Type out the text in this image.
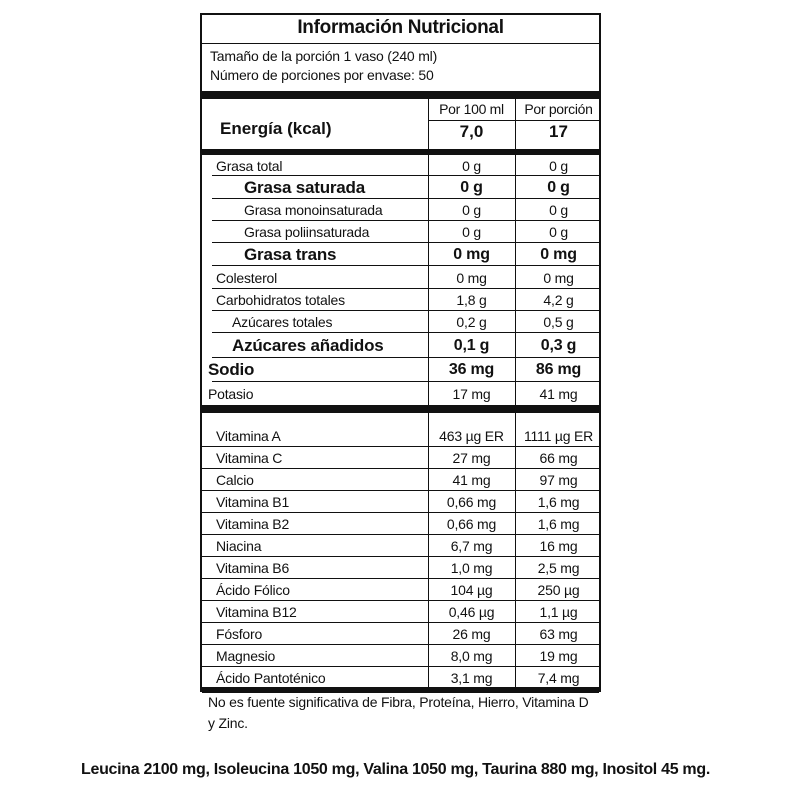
Información Nutricional
Tamaño de la porción 1 vaso (240 ml)
Número de porciones por envase: 50
Por 100 ml	Por porción
Energía (kcal)	7,0	17
Grasa total	0 g	0 g
Grasa saturada	0 g	0 g
Grasa monoinsaturada	0 g	0 g
Grasa poliinsaturada	0 g	0 g
Grasa trans	0 mg	0 mg
Colesterol	0 mg	0 mg
Carbohidratos totales	1,8 g	4,2 g
Azúcares totales	0,2 g	0,5 g
Azúcares añadidos	0,1 g	0,3 g
Sodio	36 mg	86 mg
Potasio	17 mg	41 mg
Vitamina A	463 µg ER	1111 µg ER
Vitamina C	27 mg	66 mg
Calcio	41 mg	97 mg
Vitamina B1	0,66 mg	1,6 mg
Vitamina B2	0,66 mg	1,6 mg
Niacina	6,7 mg	16 mg
Vitamina B6	1,0 mg	2,5 mg
Ácido Fólico	104 µg	250 µg
Vitamina B12	0,46 µg	1,1 µg
Fósforo	26 mg	63 mg
Magnesio	8,0 mg	19 mg
Ácido Pantoténico	3,1 mg	7,4 mg
No es fuente significativa de Fibra, Proteína, Hierro, Vitamina D y Zinc.
Leucina 2100 mg, Isoleucina 1050 mg, Valina 1050 mg, Taurina 880 mg, Inositol 45 mg.
